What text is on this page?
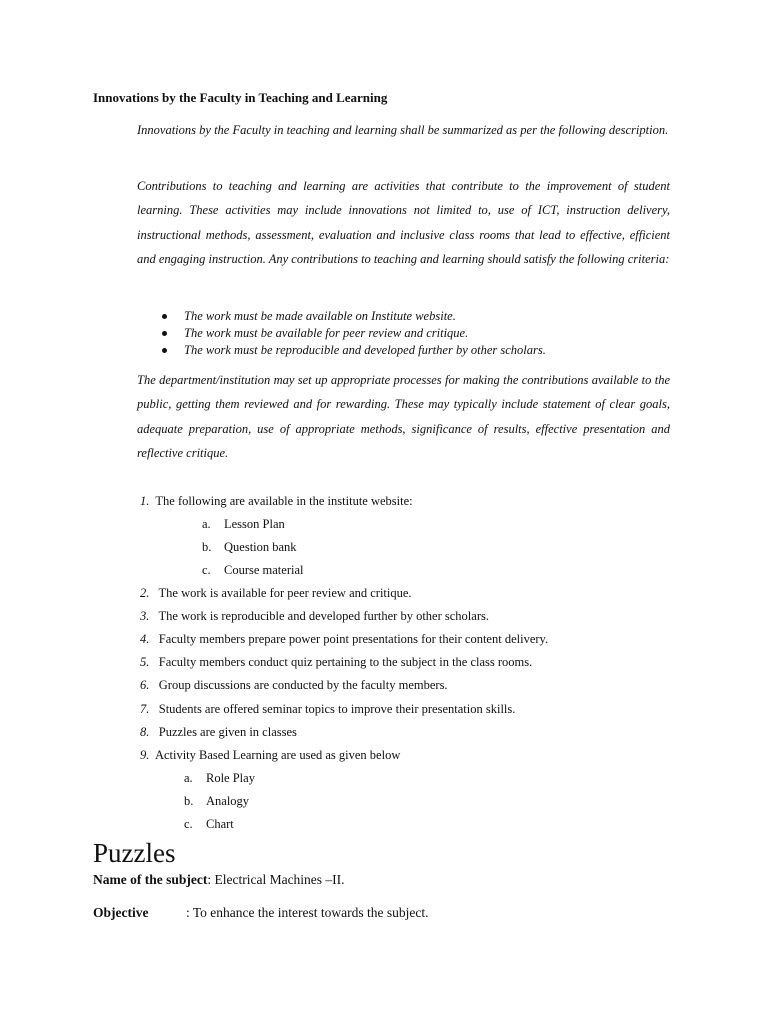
Innovations by the Faculty in Teaching and Learning

Innovations by the Faculty in teaching and learning shall be summarized as per the following description.

Contributions to teaching and learning are activities that contribute to the improvement of student learning. These activities may include innovations not limited to, use of ICT, instruction delivery, instructional methods, assessment, evaluation and inclusive class rooms that lead to effective, efficient and engaging instruction. Any contributions to teaching and learning should satisfy the following criteria:

The work must be made available on Institute website.
The work must be available for peer review and critique.
The work must be reproducible and developed further by other scholars.

The department/institution may set up appropriate processes for making the contributions available to the public, getting them reviewed and for rewarding. These may typically include statement of clear goals, adequate preparation, use of appropriate methods, significance of results, effective presentation and reflective critique.

1. The following are available in the institute website:
a. Lesson Plan
b. Question bank
c. Course material
2. The work is available for peer review and critique.
3. The work is reproducible and developed further by other scholars.
4. Faculty members prepare power point presentations for their content delivery.
5. Faculty members conduct quiz pertaining to the subject in the class rooms.
6. Group discussions are conducted by the faculty members.
7. Students are offered seminar topics to improve their presentation skills.
8. Puzzles are given in classes
9. Activity Based Learning are used as given below
a. Role Play
b. Analogy
c. Chart
Puzzles
Name of the subject: Electrical Machines –II.
Objective	: To enhance the interest towards the subject.
